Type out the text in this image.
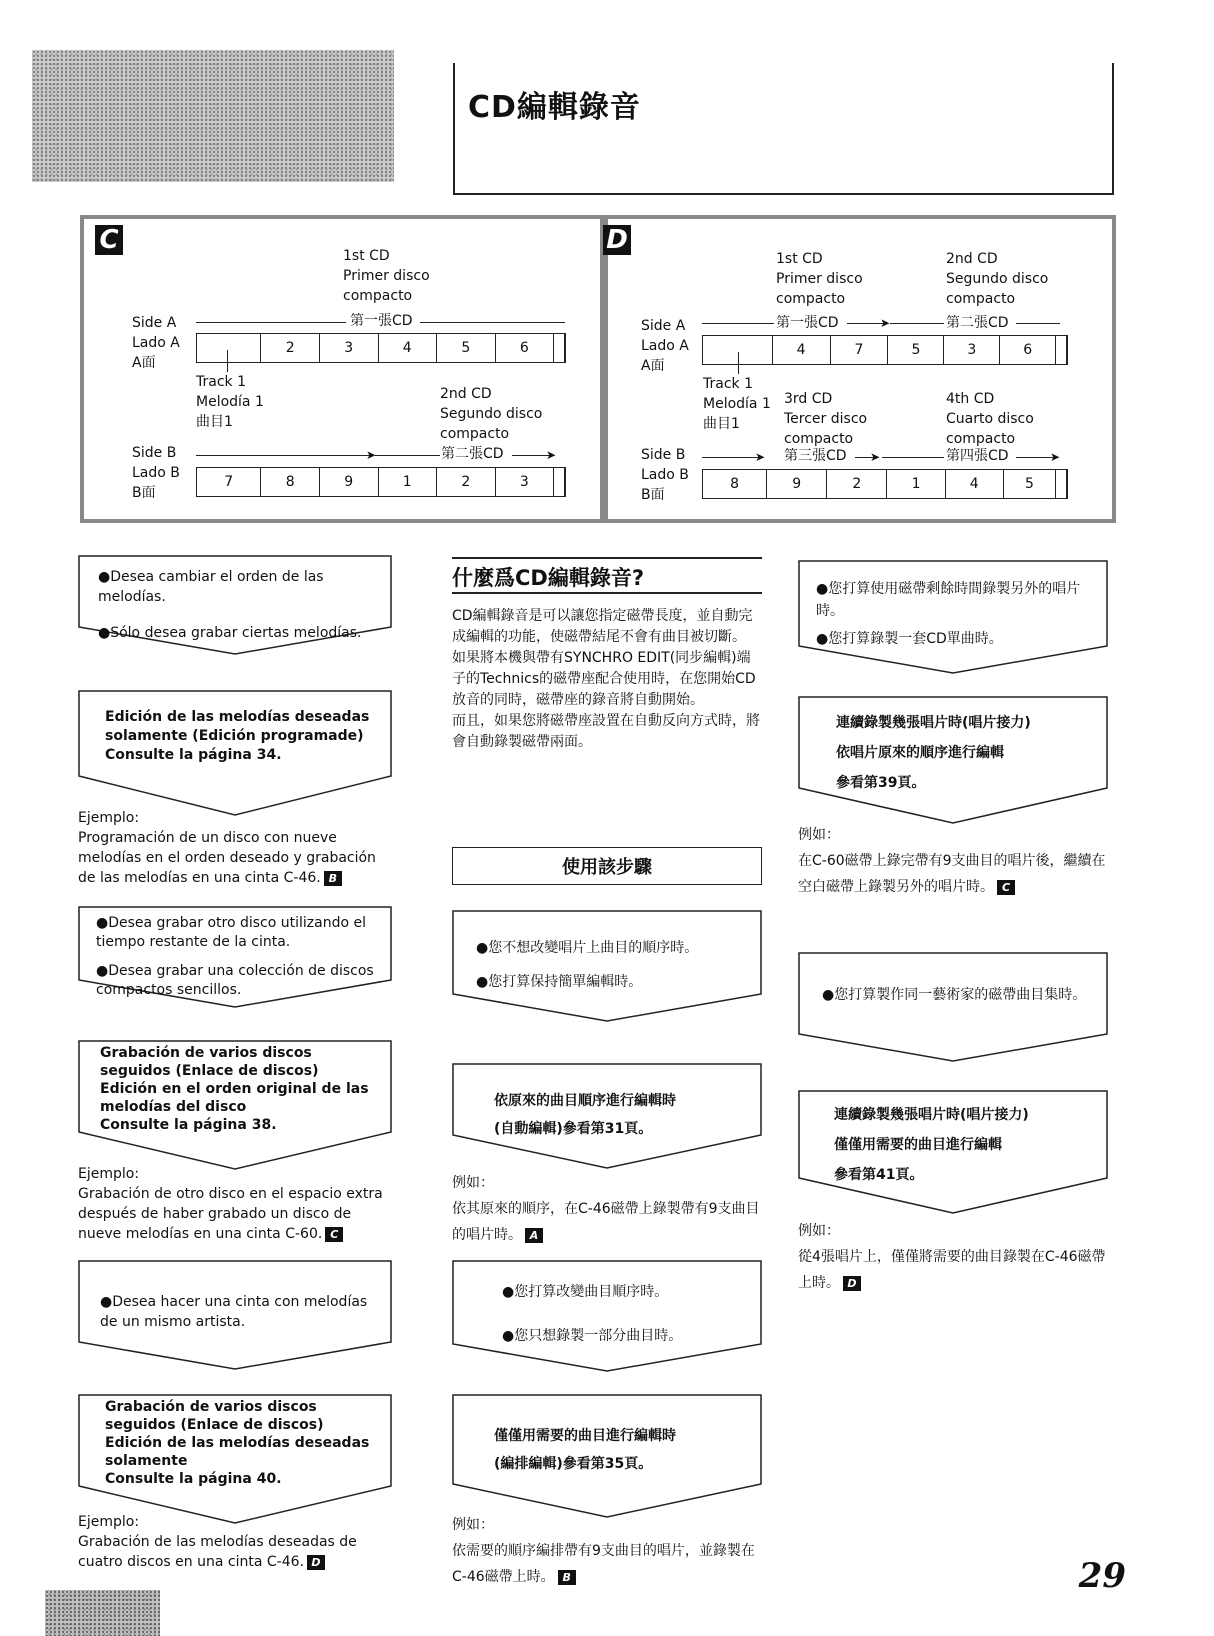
CD編輯錄音
C
1st CD
Primer disco
compacto
Side A
Lado A
A面
第一張CD
2	3	4	5	6
Track 1
Melodía 1
曲目1
2nd CD
Segundo disco
compacto
Side B
Lado B
B面
➤	第二張CD	➤
7	8	9	1	2	3
D
1st CD
Primer disco
compacto
2nd CD
Segundo disco
compacto
Side A
Lado A
A面
第一張CD	➤	第二張CD
4	7	5	3	6
Track 1
Melodía 1
曲目1
3rd CD
Tercer disco
compacto
4th CD
Cuarto disco
compacto
Side B
Lado B
B面
➤ 第三張CD ➤	第四張CD	➤
8	9	2	1	4	5
●Desea cambiar el orden de las melodías.
●Sólo desea grabar ciertas melodías.
Edición de las melodías deseadas
solamente (Edición programade)
Consulte la página 34.
Ejemplo:
Programación de un disco con nueve melodías en el orden deseado y grabación de las melodías en una cinta C-46. B
●Desea grabar otro disco utilizando el tiempo restante de la cinta.
●Desea grabar una colección de discos compactos sencillos.
Grabación de varios discos
seguidos (Enlace de discos)
Edición en el orden original de las
melodías del disco
Consulte la página 38.
Ejemplo:
Grabación de otro disco en el espacio extra después de haber grabado un disco de nueve melodías en una cinta C-60. C
●Desea hacer una cinta con melodías de un mismo artista.
Grabación de varios discos
seguidos (Enlace de discos)
Edición de las melodías deseadas
solamente
Consulte la página 40.
Ejemplo:
Grabación de las melodías deseadas de cuatro discos en una cinta C-46. D
什麼爲CD編輯錄音?
CD編輯錄音是可以讓您指定磁帶長度，並自動完成編輯的功能，使磁帶結尾不會有曲目被切斷。
如果將本機與帶有SYNCHRO EDIT(同步編輯)端子的Technics的磁帶座配合使用時，在您開始CD放音的同時，磁帶座的錄音將自動開始。
而且，如果您將磁帶座設置在自動反向方式時，將會自動錄製磁帶兩面。
使用該步驟
●您不想改變唱片上曲目的順序時。
●您打算保持簡單編輯時。
依原來的曲目順序進行編輯時
(自動編輯)參看第31頁。
例如：
依其原來的順序，在C-46磁帶上錄製帶有9支曲目的唱片時。 A
●您打算改變曲目順序時。
●您只想錄製一部分曲目時。
僅僅用需要的曲目進行編輯時
(編排編輯)參看第35頁。
例如：
依需要的順序編排帶有9支曲目的唱片，並錄製在C-46磁帶上時。 B
●您打算使用磁帶剩餘時間錄製另外的唱片時。
●您打算錄製一套CD單曲時。
連續錄製幾張唱片時(唱片接力)
依唱片原來的順序進行編輯
參看第39頁。
例如：
在C-60磁帶上錄完帶有9支曲目的唱片後，繼續在空白磁帶上錄製另外的唱片時。 C
●您打算製作同一藝術家的磁帶曲目集時。
連續錄製幾張唱片時(唱片接力)
僅僅用需要的曲目進行編輯
參看第41頁。
例如：
從4張唱片上，僅僅將需要的曲目錄製在C-46磁帶上時。 D
29
